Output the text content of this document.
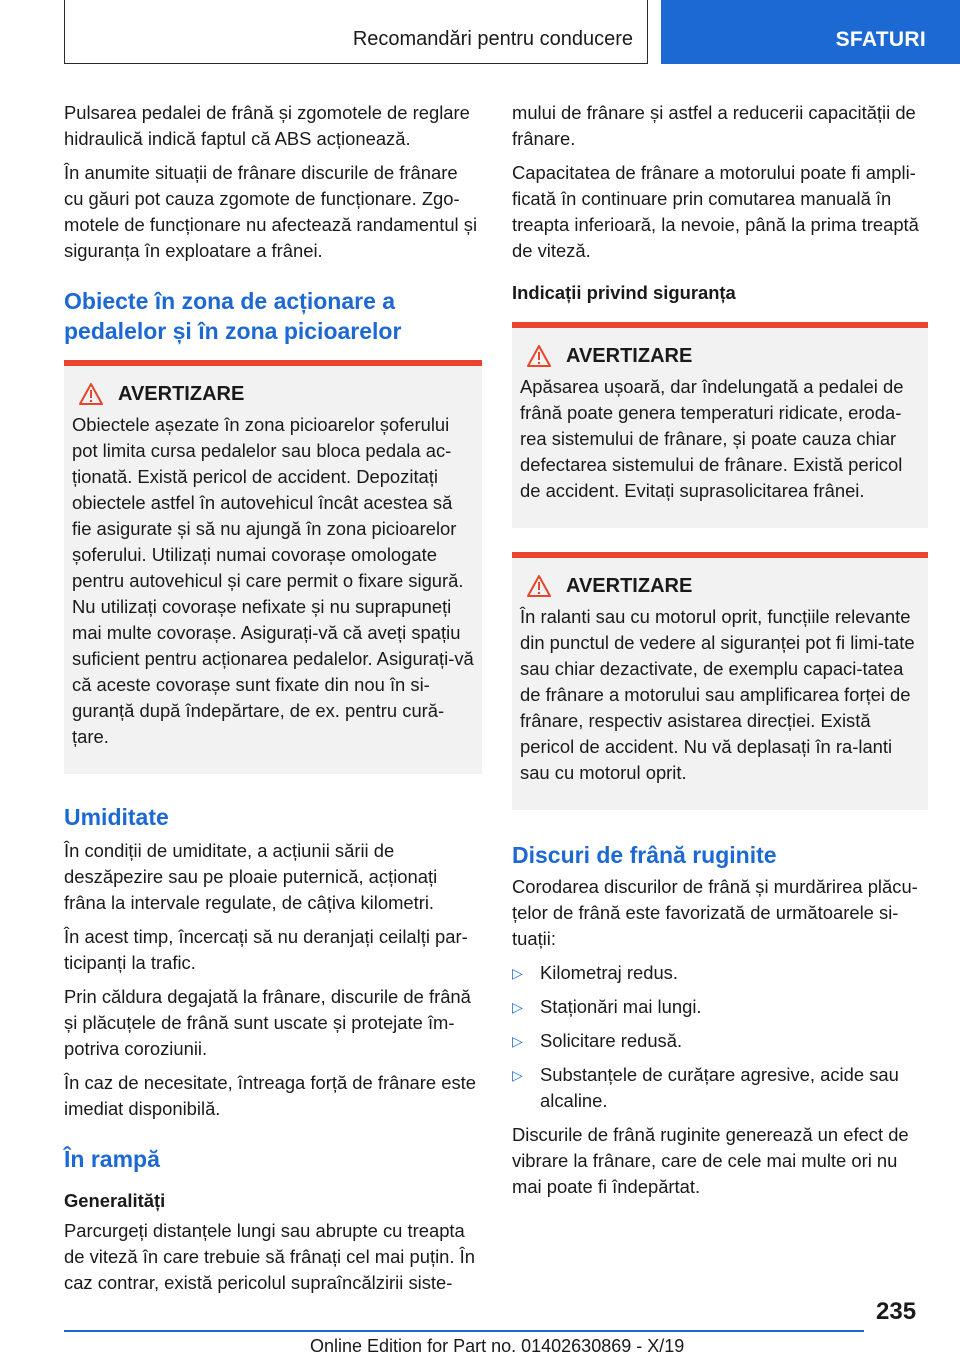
Recomandări pentru conducere	SFATURI

Pulsarea pedalei de frână și zgomotele de reglare hidraulică indică faptul că ABS acționează.

În anumite situații de frânare discurile de frânare cu găuri pot cauza zgomote de funcționare. Zgo-motele de funcționare nu afectează randamentul și siguranța în exploatare a frânei.

Obiecte în zona de acționare a pedalelor și în zona picioarelor
AVERTIZARE

Obiectele așezate în zona picioarelor șoferului pot limita cursa pedalelor sau bloca pedala ac-ționată. Există pericol de accident. Depozitați obiectele astfel în autovehicul încât acestea să fie asigurate și să nu ajungă în zona picioarelor șoferului. Utilizați numai covorașe omologate pentru autovehicul și care permit o fixare sigură. Nu utilizați covorașe nefixate și nu suprapuneți mai multe covorașe. Asigurați-vă că aveți spațiu suficient pentru acționarea pedalelor. Asigurați-vă că aceste covorașe sunt fixate din nou în si-guranță după îndepărtare, de ex. pentru cură-țare.

Umiditate

În condiții de umiditate, a acțiunii sării de deszăpezire sau pe ploaie puternică, acționați frâna la intervale regulate, de câțiva kilometri.

În acest timp, încercați să nu deranjați ceilalți par-ticipanți la trafic.

Prin căldura degajată la frânare, discurile de frână și plăcuțele de frână sunt uscate și protejate îm-potriva coroziunii.

În caz de necesitate, întreaga forță de frânare este imediat disponibilă.

În rampă
Generalități

Parcurgeți distanțele lungi sau abrupte cu treapta de viteză în care trebuie să frânați cel mai puțin. În caz contrar, există pericolul supraîncălzirii siste-

mului de frânare și astfel a reducerii capacității de frânare.

Capacitatea de frânare a motorului poate fi ampli-ficată în continuare prin comutarea manuală în treapta inferioară, la nevoie, până la prima treaptă de viteză.

Indicații privind siguranța
AVERTIZARE

Apăsarea ușoară, dar îndelungată a pedalei de frână poate genera temperaturi ridicate, eroda-rea sistemului de frânare, și poate cauza chiar defectarea sistemului de frânare. Există pericol de accident. Evitați suprasolicitarea frânei.

AVERTIZARE

În ralanti sau cu motorul oprit, funcțiile relevante din punctul de vedere al siguranței pot fi limi-tate sau chiar dezactivate, de exemplu capaci-tatea de frânare a motorului sau amplificarea forței de frânare, respectiv asistarea direcției. Există pericol de accident. Nu vă deplasați în ra-lanti sau cu motorul oprit.

Discuri de frână ruginite

Corodarea discurilor de frână și murdărirea plăcu-țelor de frână este favorizată de următoarele si-tuații:

▷ Kilometraj redus.
▷ Staționări mai lungi.
▷ Solicitare redusă.
▷ Substanțele de curățare agresive, acide sau alcaline.

Discurile de frână ruginite generează un efect de vibrare la frânare, care de cele mai multe ori nu mai poate fi îndepărtat.

235
Online Edition for Part no. 01402630869 - X/19
